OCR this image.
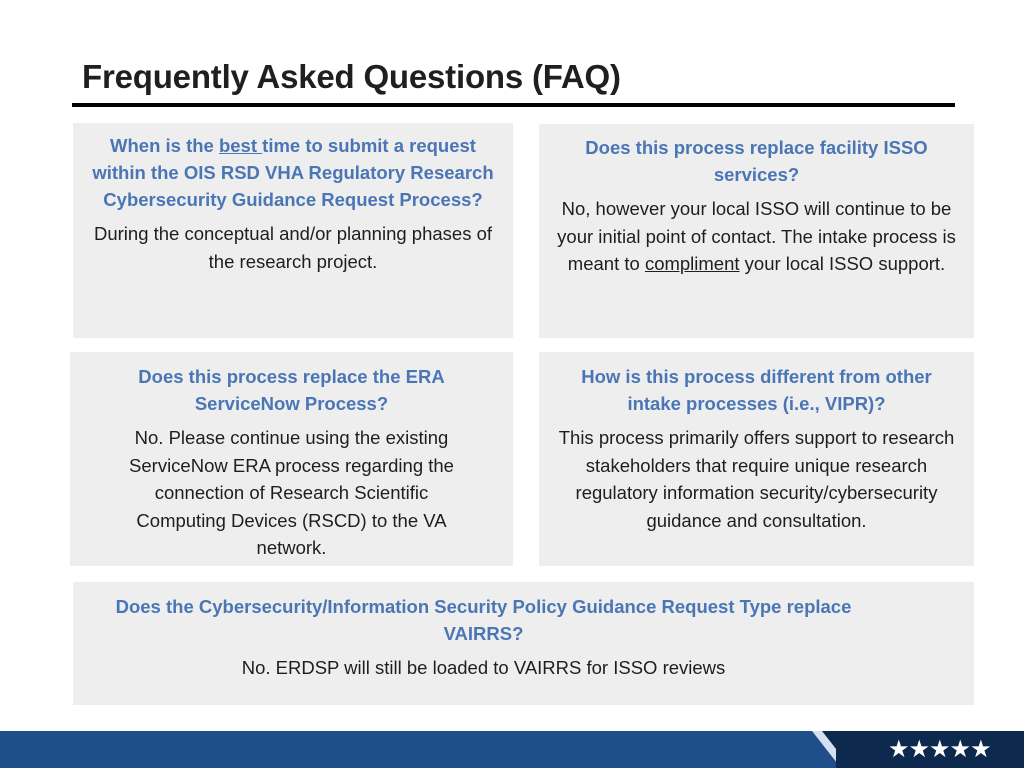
Frequently Asked Questions (FAQ)
When is the best time to submit a request within the OIS RSD VHA Regulatory Research Cybersecurity Guidance Request Process?
During the conceptual and/or planning phases of the research project.
Does this process replace facility ISSO services?
No, however your local ISSO will continue to be your initial point of contact. The intake process is meant to compliment your local ISSO support.
Does this process replace the ERA ServiceNow Process?
No. Please continue using the existing ServiceNow ERA process regarding the connection of Research Scientific Computing Devices (RSCD) to the VA network.
How is this process different from other intake processes (i.e., VIPR)?
This process primarily offers support to research stakeholders that require unique research regulatory information security/cybersecurity guidance and consultation.
Does the Cybersecurity/Information Security Policy Guidance Request Type replace VAIRRS?
No. ERDSP will still be loaded to VAIRRS for ISSO reviews
★★★★★
